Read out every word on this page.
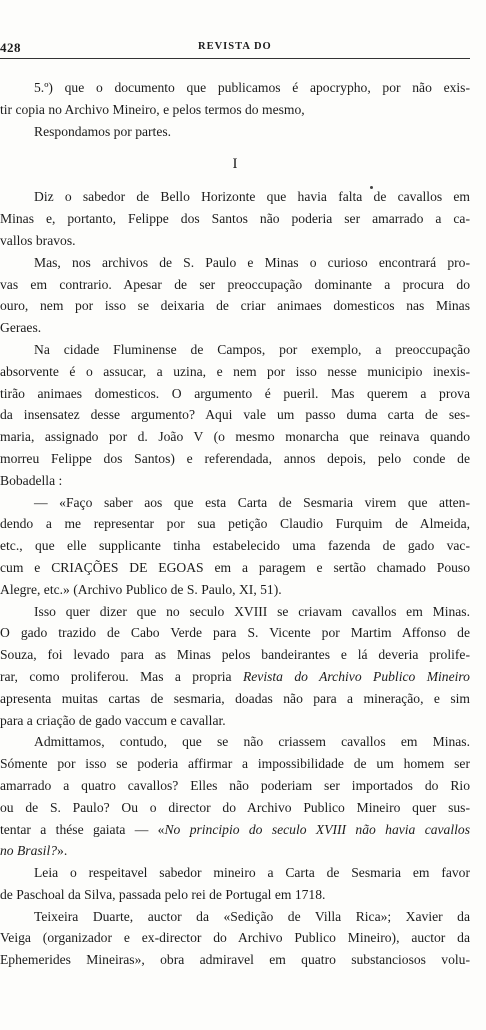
428	REVISTA DO
5.º) que o documento que publicamos é apocrypho, por não exis-
tir copia no Archivo Mineiro, e pelos termos do mesmo,
Respondamos por partes.
I
Diz o sabedor de Bello Horizonte que havia falta de cavallos em
Minas e, portanto, Felippe dos Santos não poderia ser amarrado a ca-
vallos bravos.
Mas, nos archivos de S. Paulo e Minas o curioso encontrará pro-
vas em contrario. Apesar de ser preoccupação dominante a procura do
ouro, nem por isso se deixaria de criar animaes domesticos nas Minas
Geraes.
Na cidade Fluminense de Campos, por exemplo, a preoccupação
absorvente é o assucar, a uzina, e nem por isso nesse municipio inexis-
tirão animaes domesticos. O argumento é pueril. Mas querem a prova
da insensatez desse argumento? Aqui vale um passo duma carta de ses-
maria, assignado por d. João V (o mesmo monarcha que reinava quando
morreu Felippe dos Santos) e referendada, annos depois, pelo conde de
Bobadella :
— «Faço saber aos que esta Carta de Sesmaria virem que atten-
dendo a me representar por sua petição Claudio Furquim de Almeida,
etc., que elle supplicante tinha estabelecido uma fazenda de gado vac-
cum e CRIAÇÕES DE EGOAS em a paragem e sertão chamado Pouso
Alegre, etc.» (Archivo Publico de S. Paulo, XI, 51).
Isso quer dizer que no seculo XVIII se criavam cavallos em Minas.
O gado trazido de Cabo Verde para S. Vicente por Martim Affonso de
Souza, foi levado para as Minas pelos bandeirantes e lá deveria prolife-
rar, como proliferou. Mas a propria Revista do Archivo Publico Mineiro
apresenta muitas cartas de sesmaria, doadas não para a mineração, e sim
para a criação de gado vaccum e cavallar.
Admittamos, contudo, que se não criassem cavallos em Minas.
Sómente por isso se poderia affirmar a impossibilidade de um homem ser
amarrado a quatro cavallos? Elles não poderiam ser importados do Rio
ou de S. Paulo? Ou o director do Archivo Publico Mineiro quer sus-
tentar a thése gaiata — «No principio do seculo XVIII não havia cavallos
no Brasil?».
Leia o respeitavel sabedor mineiro a Carta de Sesmaria em favor
de Paschoal da Silva, passada pelo rei de Portugal em 1718.
Teixeira Duarte, auctor da «Sedição de Villa Rica»; Xavier da
Veiga (organizador e ex-director do Archivo Publico Mineiro), auctor da
Ephemerides Mineiras», obra admiravel em quatro substanciosos volu-
